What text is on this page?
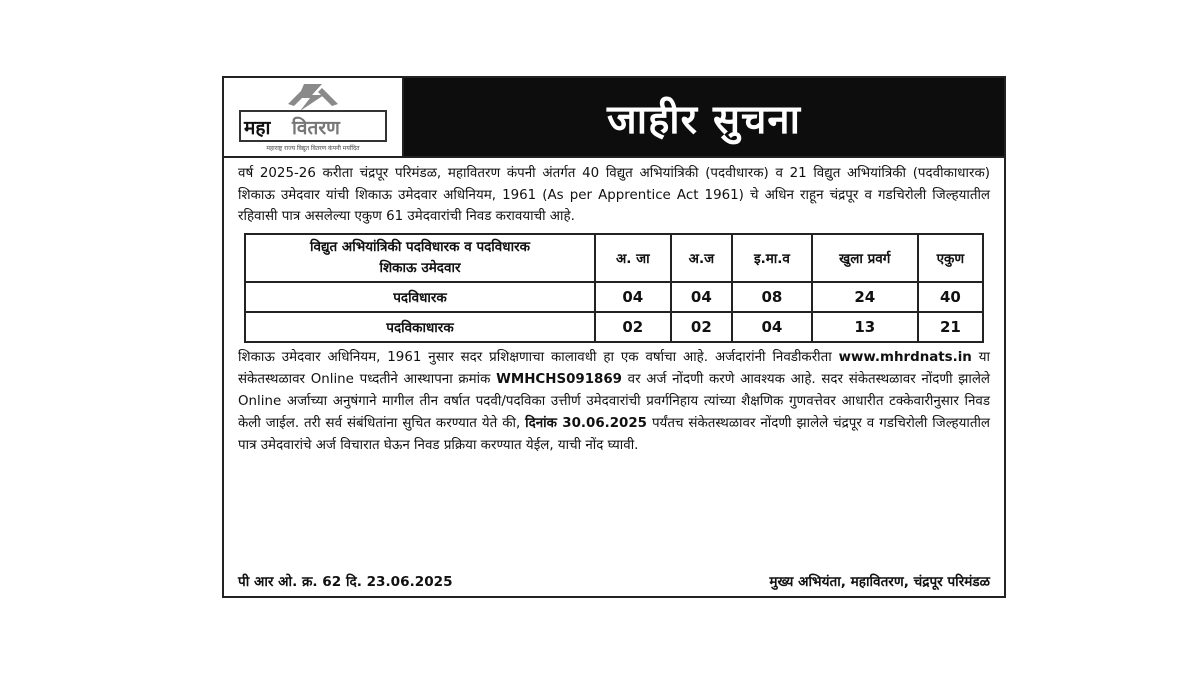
महा वितरण
महाराष्ट्र राज्य विद्युत वितरण कंपनी मर्यादित
जाहीर सुचना
वर्ष 2025-26 करीता चंद्रपूर परिमंडळ, महावितरण कंपनी अंतर्गत 40 विद्युत अभियांत्रिकी (पदवीधारक) व 21 विद्युत अभियांत्रिकी (पदवीकाधारक) शिकाऊ उमेदवार यांची शिकाऊ उमेदवार अधिनियम, 1961 (As per Apprentice Act 1961) चे अधिन राहून चंद्रपूर व गडचिरोली जिल्हयातील रहिवासी पात्र असलेल्या एकुण 61 उमेदवारांची निवड करावयाची आहे.
विद्युत अभियांत्रिकी पदविधारक व पदविधारक
शिकाऊ उमेदवार	अ. जा	अ.ज	इ.मा.व	खुला प्रवर्ग	एकुण
पदविधारक	04	04	08	24	40
पदविकाधारक	02	02	04	13	21
शिकाऊ उमेदवार अधिनियम, 1961 नुसार सदर प्रशिक्षणाचा कालावधी हा एक वर्षाचा आहे. अर्जदारांनी निवडीकरीता www.mhrdnats.in या संकेतस्थळावर Online पध्दतीने आस्थापना क्रमांक WMHCHS091869 वर अर्ज नोंदणी करणे आवश्यक आहे. सदर संकेतस्थळावर नोंदणी झालेले Online अर्जाच्या अनुषंगाने मागील तीन वर्षात पदवी/पदविका उत्तीर्ण उमेदवारांची प्रवर्गनिहाय त्यांच्या शैक्षणिक गुणवत्तेवर आधारीत टक्केवारीनुसार निवड केली जाईल. तरी सर्व संबंधितांना सुचित करण्यात येते की, दिनांक 30.06.2025 पर्यंतच संकेतस्थळावर नोंदणी झालेले चंद्रपूर व गडचिरोली जिल्हयातील पात्र उमेदवारांचे अर्ज विचारात घेऊन निवड प्रक्रिया करण्यात येईल, याची नोंद घ्यावी.
पी आर ओ. क्र. 62 दि. 23.06.2025	मुख्य अभियंता, महावितरण, चंद्रपूर परिमंडळ
